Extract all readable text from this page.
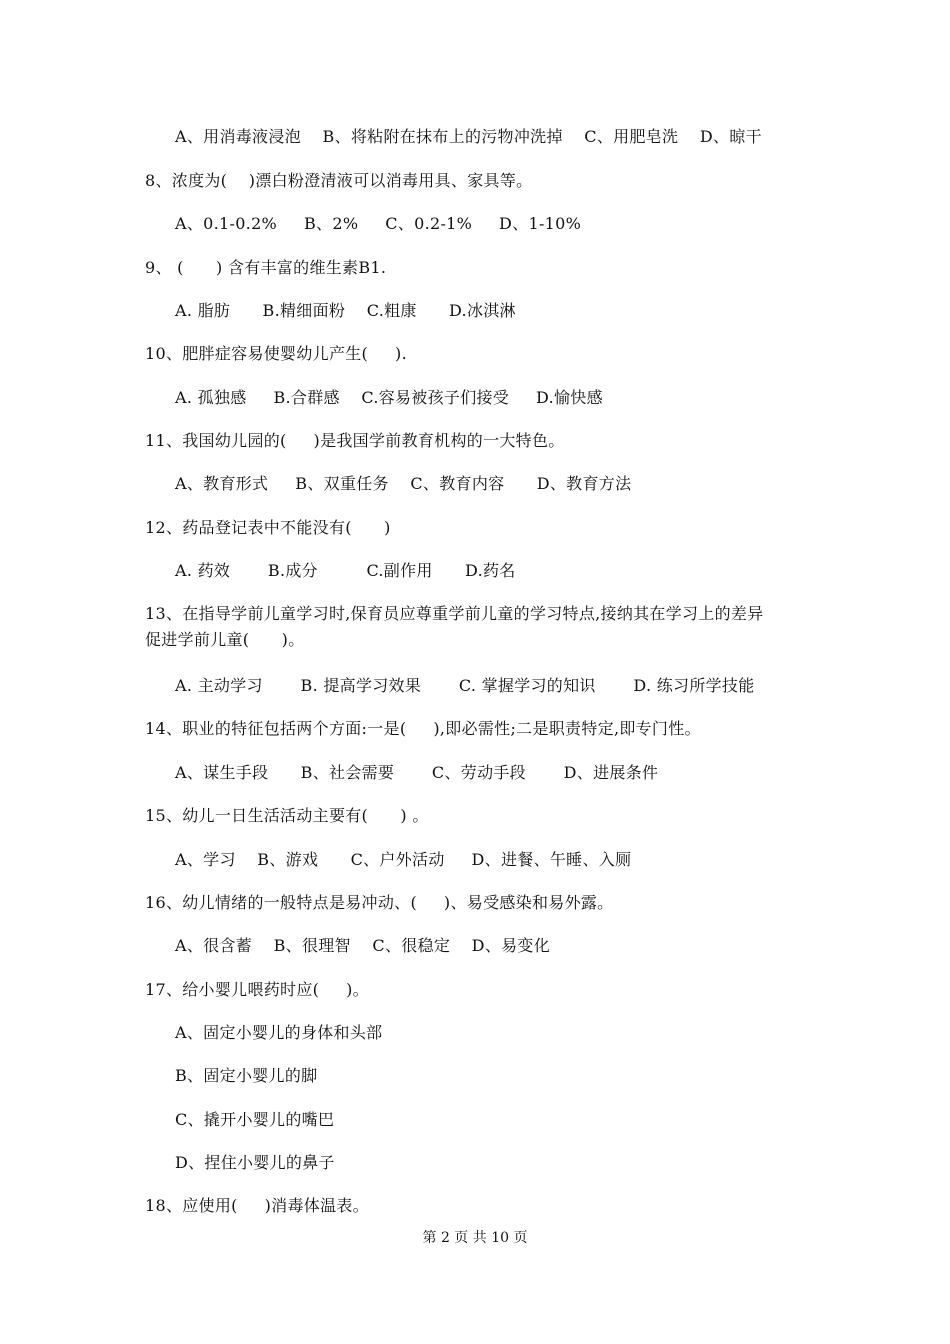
A、用消毒液浸泡    B、将粘附在抹布上的污物冲洗掉    C、用肥皂洗    D、晾干
8、浓度为(    )漂白粉澄清液可以消毒用具、家具等。
A、0.1-0.2%     B、2%     C、0.2-1%     D、1-10%
9、 (      ) 含有丰富的维生素B1.
A. 脂肪      B.精细面粉    C.粗康      D.冰淇淋
10、肥胖症容易使婴幼儿产生(     ).
A. 孤独感     B.合群感    C.容易被孩子们接受     D.愉快感
11、我国幼儿园的(     )是我国学前教育机构的一大特色。
A、教育形式     B、双重任务    C、教育内容      D、教育方法
12、药品登记表中不能没有(      )
A. 药效       B.成分         C.副作用      D.药名
13、在指导学前儿童学习时,保育员应尊重学前儿童的学习特点,接纳其在学习上的差异
促进学前儿童(      )。
A. 主动学习       B. 提高学习效果       C. 掌握学习的知识       D. 练习所学技能
14、职业的特征包括两个方面:一是(     ),即必需性;二是职责特定,即专门性。
A、谋生手段      B、社会需要       C、劳动手段       D、进展条件
15、幼儿一日生活活动主要有(      ) 。
A、学习    B、游戏      C、户外活动     D、进餐、午睡、入厕
16、幼儿情绪的一般特点是易冲动、(     )、易受感染和易外露。
A、很含蓄    B、很理智    C、很稳定    D、易变化
17、给小婴儿喂药时应(     )。
A、固定小婴儿的身体和头部
B、固定小婴儿的脚
C、撬开小婴儿的嘴巴
D、捏住小婴儿的鼻子
18、应使用(     )消毒体温表。
第 2 页 共 10 页
